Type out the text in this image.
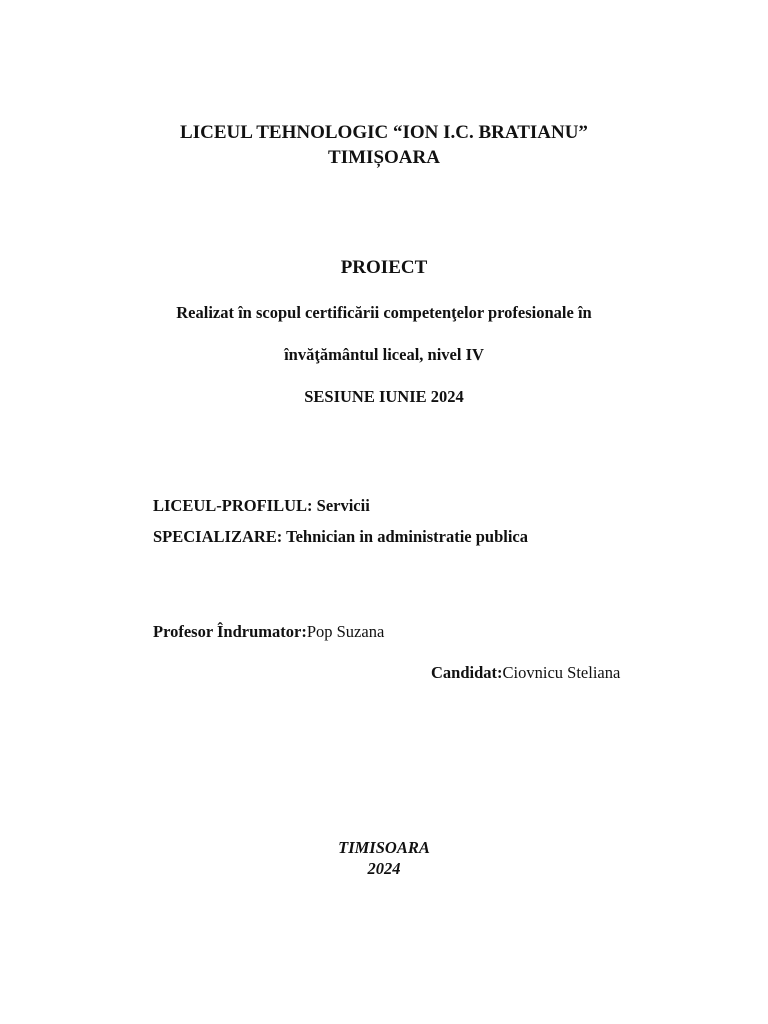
LICEUL TEHNOLOGIC “ION I.C. BRATIANU”
TIMIȘOARA
PROIECT
Realizat în scopul certificării competenţelor profesionale în
învăţământul liceal, nivel IV
SESIUNE IUNIE 2024
LICEUL-PROFILUL: Servicii
SPECIALIZARE: Tehnician in administratie publica
Profesor Îndrumator:Pop Suzana
Candidat:Ciovnicu Steliana
TIMISOARA
2024
